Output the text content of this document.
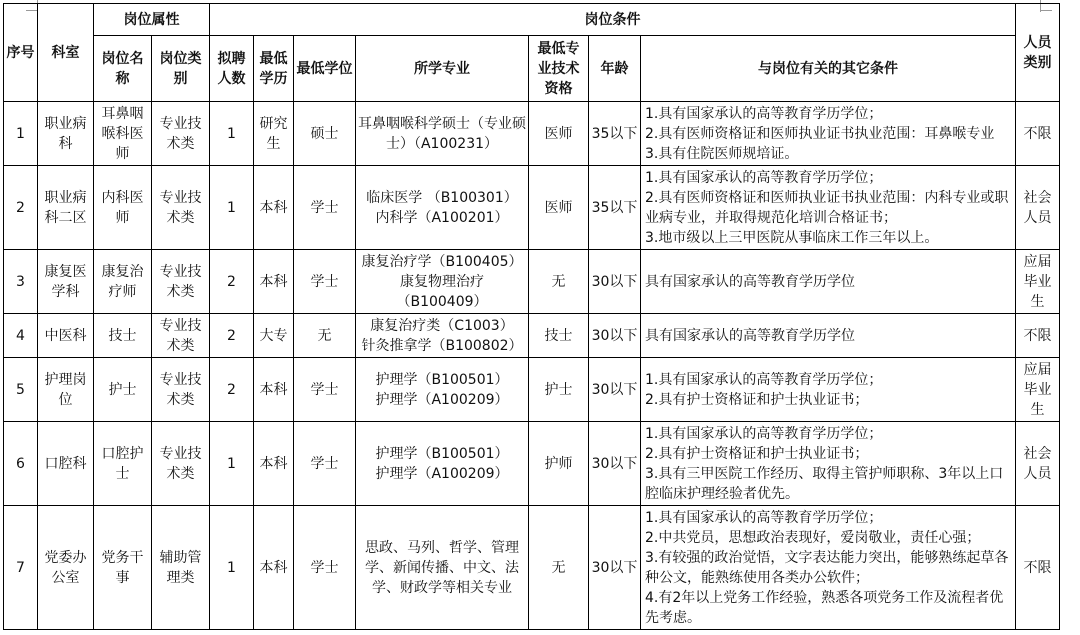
序号	科室	岗位属性		岗位条件							人员类别
		岗位名称	岗位类别	拟聘人数	最低学历	最低学位	所学专业	最低专业技术资格	年龄	与岗位有关的其它条件	
1	职业病科	耳鼻咽喉科医师	专业技术类	1	研究生	硕士	耳鼻咽喉科学硕士（专业硕士）（A100231）	医师	35以下	1.具有国家承认的高等教育学历学位；
2.具有医师资格证和医师执业证书执业范围：耳鼻喉专业
3.具有住院医师规培证。	不限
2	职业病科二区	内科医师	专业技术类	1	本科	学士	临床医学 （B100301）
内科学（A100201）	医师	35以下	1.具有国家承认的高等教育学历学位；
2.具有医师资格证和医师执业证书执业范围：内科专业或职业病专业，并取得规范化培训合格证书；
3.地市级以上三甲医院从事临床工作三年以上。	社会人员
3	康复医学科	康复治疗师	专业技术类	2	本科	学士	康复治疗学（B100405）
康复物理治疗
（B100409）	无	30以下	具有国家承认的高等教育学历学位	应届毕业生
4	中医科	技士	专业技术类	2	大专	无	康复治疗类（C1003）
针灸推拿学（B100802）	技士	30以下	具有国家承认的高等教育学历学位	不限
5	护理岗位	护士	专业技术类	2	本科	学士	护理学（B100501）
护理学（A100209）	护士	30以下	1.具有国家承认的高等教育学历学位；
2.具有护士资格证和护士执业证书；	应届毕业生
6	口腔科	口腔护士	专业技术类	1	本科	学士	护理学（B100501）
护理学（A100209）	护师	30以下	1.具有国家承认的高等教育学历学位；
2.具有护士资格证和护士执业证书；
3.具有三甲医院工作经历、取得主管护师职称、3年以上口腔临床护理经验者优先。	社会人员
7	党委办公室	党务干事	辅助管理类	1	本科	学士	思政、马列、哲学、管理学、新闻传播、中文、法学、财政学等相关专业	无	30以下	1.具有国家承认的高等教育学历学位；
2.中共党员，思想政治表现好，爱岗敬业，责任心强；
3.有较强的政治觉悟，文字表达能力突出，能够熟练起草各种公文，能熟练使用各类办公软件；
4.有2年以上党务工作经验，熟悉各项党务工作及流程者优先考虑。	不限
